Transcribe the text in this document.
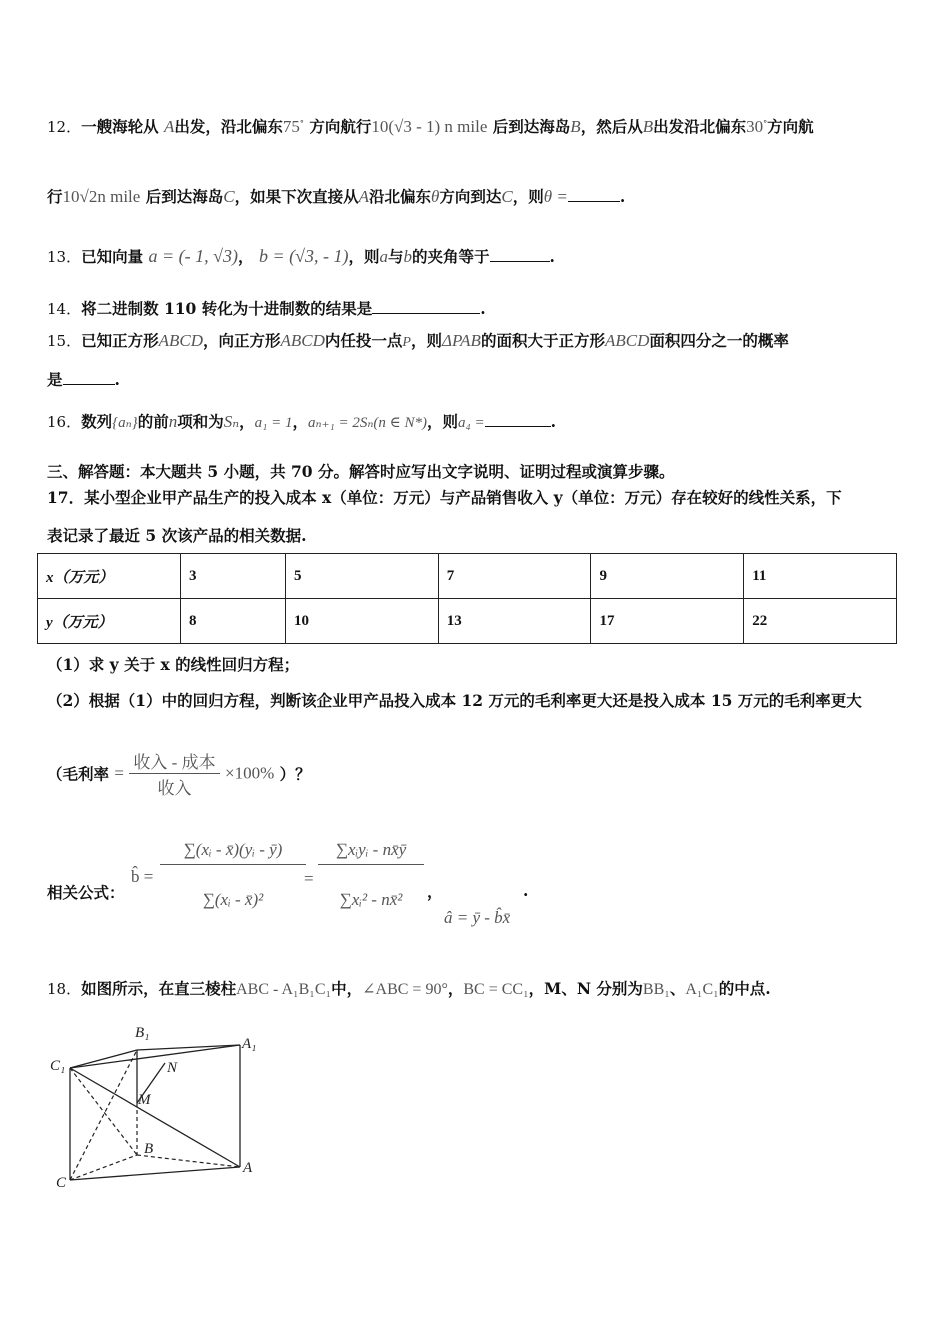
12．一艘海轮从 A出发，沿北偏东75° 方向航行10(√3 - 1) n mile 后到达海岛B，然后从B出发沿北偏东30°方向航
行10√2n mile 后到达海岛C，如果下次直接从A沿北偏东θ方向到达C，则θ =	.
13．已知向量 a = (- 1, √3)， b = (√3, - 1)，则a与b的夹角等于	.
14．将二进制数 110 转化为十进制数的结果是	.
15．已知正方形ABCD，向正方形ABCD内任投一点P，则ΔPAB的面积大于正方形ABCD面积四分之一的概率
是	.
16．数列{aₙ}的前n项和为Sₙ，a₁ = 1，aₙ₊₁ = 2Sₙ(n ∈ N*)，则a₄ =	.
三、解答题：本大题共 5 小题，共 70 分。解答时应写出文字说明、证明过程或演算步骤。
17．某小型企业甲产品生产的投入成本 x（单位：万元）与产品销售收入 y（单位：万元）存在较好的线性关系，下
表记录了最近 5 次该产品的相关数据.
x（万元）	3	5	7	9	11
y（万元）	8	10	13	17	22
（1）求 y 关于 x 的线性回归方程；
（2）根据（1）中的回归方程，判断该企业甲产品投入成本 12 万元的毛利率更大还是投入成本 15 万元的毛利率更大
（毛利率 = $\frac{\text{收入 - 成本}}{\text{收入}} \times 100\%$ ）？
相关公式：
b̂ =
∑(xᵢ - x̄)(yᵢ - ȳ)
∑(xᵢ - x̄)²
=
∑xᵢyᵢ - nx̄ȳ
∑xᵢ² - nx̄²	，
â = ȳ - b̂x̄
.
18．如图所示，在直三棱柱ABC - A₁B₁C₁中，∠ABC = 90°，BC = CC₁，M、N 分别为BB₁、A₁C₁的中点.
B₁
A₁
C₁	N
M
B
A
C
